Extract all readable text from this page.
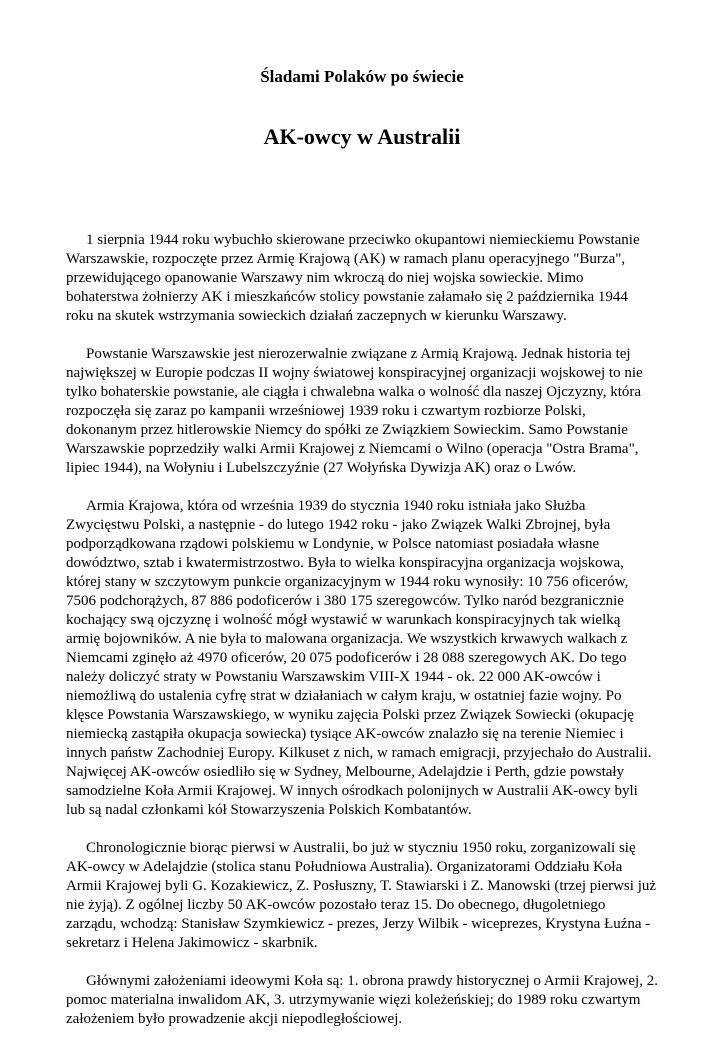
Śladami Polaków po świecie
AK-owcy w Australii

1 sierpnia 1944 roku wybuchło skierowane przeciwko okupantowi niemieckiemu Powstanie Warszawskie, rozpoczęte przez Armię Krajową (AK) w ramach planu operacyjnego "Burza", przewidującego opanowanie Warszawy nim wkroczą do niej wojska sowieckie. Mimo bohaterstwa żołnierzy AK i mieszkańców stolicy powstanie załamało się 2 października 1944 roku na skutek wstrzymania sowieckich działań zaczepnych w kierunku Warszawy.

Powstanie Warszawskie jest nierozerwalnie związane z Armią Krajową. Jednak historia tej największej w Europie podczas II wojny światowej konspiracyjnej organizacji wojskowej to nie tylko bohaterskie powstanie, ale ciągła i chwalebna walka o wolność dla naszej Ojczyzny, która rozpoczęła się zaraz po kampanii wrześniowej 1939 roku i czwartym rozbiorze Polski, dokonanym przez hitlerowskie Niemcy do spółki ze Związkiem Sowieckim. Samo Powstanie Warszawskie poprzedziły walki Armii Krajowej z Niemcami o Wilno (operacja "Ostra Brama", lipiec 1944), na Wołyniu i Lubelszczyźnie (27 Wołyńska Dywizja AK) oraz o Lwów.

Armia Krajowa, która od września 1939 do stycznia 1940 roku istniała jako Służba Zwycięstwu Polski, a następnie - do lutego 1942 roku - jako Związek Walki Zbrojnej, była podporządkowana rządowi polskiemu w Londynie, w Polsce natomiast posiadała własne dowództwo, sztab i kwatermistrzostwo. Była to wielka konspiracyjna organizacja wojskowa, której stany w szczytowym punkcie organizacyjnym w 1944 roku wynosiły: 10 756 oficerów, 7506 podchorążych, 87 886 podoficerów i 380 175 szeregowców. Tylko naród bezgranicznie kochający swą ojczyznę i wolność mógł wystawić w warunkach konspiracyjnych tak wielką armię bojowników. A nie była to malowana organizacja. We wszystkich krwawych walkach z Niemcami zginęło aż 4970 oficerów, 20 075 podoficerów i 28 088 szeregowych AK. Do tego należy doliczyć straty w Powstaniu Warszawskim VIII-X 1944 - ok. 22 000 AK-owców i niemożliwą do ustalenia cyfrę strat w działaniach w całym kraju, w ostatniej fazie wojny. Po klęsce Powstania Warszawskiego, w wyniku zajęcia Polski przez Związek Sowiecki (okupację niemiecką zastąpiła okupacja sowiecka) tysiące AK-owców znalazło się na terenie Niemiec i innych państw Zachodniej Europy. Kilkuset z nich, w ramach emigracji, przyjechało do Australii. Najwięcej AK-owców osiedliło się w Sydney, Melbourne, Adelajdzie i Perth, gdzie powstały samodzielne Koła Armii Krajowej. W innych ośrodkach polonijnych w Australii AK-owcy byli lub są nadal członkami kół Stowarzyszenia Polskich Kombatantów.

Chronologicznie biorąc pierwsi w Australii, bo już w styczniu 1950 roku, zorganizowali się AK-owcy w Adelajdzie (stolica stanu Południowa Australia). Organizatorami Oddziału Koła Armii Krajowej byli G. Kozakiewicz, Z. Posłuszny, T. Stawiarski i Z. Manowski (trzej pierwsi już nie żyją). Z ogólnej liczby 50 AK-owców pozostało teraz 15. Do obecnego, długoletniego zarządu, wchodzą: Stanisław Szymkiewicz - prezes, Jerzy Wilbik - wiceprezes, Krystyna Łuźna - sekretarz i Helena Jakimowicz - skarbnik.

Głównymi założeniami ideowymi Koła są: 1. obrona prawdy historycznej o Armii Krajowej, 2. pomoc materialna inwalidom AK, 3. utrzymywanie więzi koleżeńskiej; do 1989 roku czwartym założeniem było prowadzenie akcji niepodległościowej.
